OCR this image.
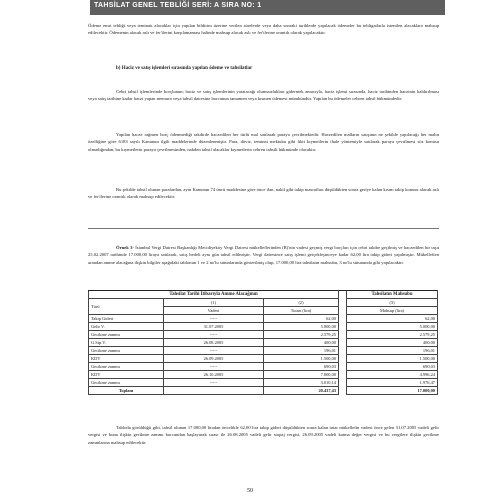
TAHSİLAT GENEL TEBLİĞİ SERİ: A SIRA NO: 1

Ödeme emri tebliği veya teminatı alacaklar için yapılan bildirim üzerine verilen sürelerde veya daha sonraki tarihlerde yapılacak ödemeler bu tebligatlarla istenilen alacaklara mahsup edilecektir. Ödemenin alacak aslı ve fer'ilerini karşılamaması halinde mahsup alacak aslı ve fer'ilerine orantılı olarak yapılacaktır.

b) Haciz ve satış işlemleri sırasında yapılan ödeme ve tahsilatlar

Cebri tahsil işlemlerinde borçlunun; haciz ve satış işlemlerinin yaratacağı olumsuzlukları gidermek amacıyla, haciz işlemi sırasında, haciz tarihinden haczinin kaldırılması veya satış tarihine kadar haczi yapan memura veya tahsil dairesine borcunun tamamen veya kısmen ödemesi mümkündür. Yapılan bu ödemeler cebren tahsil hükmündedir.

Yapılan hacze rağmen borç ödenmediği takdirde haczedilen her türlü mal satılarak paraya çevrilmektedir. Haczedilen malların satışının ne şekilde yapılacağı her malın özelliğine göre 6183 sayılı Kanunun ilgili maddelerinde düzenlenmiştir. Para, döviz, teminat mektubu gibi likit kıymetlerin ihale yöntemiyle satılarak paraya çevrilmesi söz konusu olmadığından, bu kıymetlerin paraya çevrilmesinden, nakden tahsil alacaklar kıymetlerin cebren tahsili hükmünde olacaktır.

Bu şekilde tahsil olunan paralardan, aynı Kanunun 74 üncü maddesine göre önce ilan, nakil gibi takip masrafları düşüldükten sonra geriye kalan kısım takip konusu alacak aslı ve fer'ilerine orantılı olarak mahsup edilecektir.

Örnek 3- İstanbul Vergi Dairesi Başkanlığı Mecidiyeköy Vergi Dairesi mükelleflerinden (B)'nin vadesi geçmiş vergi borçları için cebri takibe geçilmiş ve haczedilen bir taşıt 25.02.2007 tarihinde 17.000,00 liraya satılarak, satış bedeli aynı gün tahsil edilmiştir. Vergi dairesince satış işlemi gerçekleşinceye kadar 62,00 lira takip gideri yapılmıştır. Mükelleften arandan amme alacağına ilişkin bilgiler aşağıdaki tablonun 1 ve 2 no'lu sütunlarında gösterilmiş olup, 17.000,00 lira tahsilatın mahsubu, 3 no'lu sütununda gibi yapılacaktır.

Tahsilat Tarihi İtibarıyla Amme Alacağının				Tahsilatın Mahsubu
Türü	(1)	(2)		(3)
	Vadesi	Tutarı (lira)		Mahsup (lira)
Takip Gideri	-----	62,00		62,00
Gelir V.	31.07.2005	5.000,00		5.000,00
Gecikme zammı	-----	2.579,25		2.579,25
G.Stp.V.	26.08.2005	400,00		400,00
Gecikme zammı	-----	196,01		196,01
KDV	26.09.2005	1.500,00		1.500,00
Gecikme zammı	-----	690,03		690,03
KDV	26.10.2005	7.000,00		4.996,24
Gecikme zammı	-----	3.010,14		1.976,47
Toplam		20.437,43		17.000,00

Tabloda görüldüğü gibi, tahsil olunan 17.000,00 liradan öncelikle 62,00 lira takip gideri düşüldükten sonra kalan tutar mükellefin vadesi önce gelen 31.07.2005 vadeli gelir vergisi ve buna ilişkin gecikme zammı borcundan başlayarak sırası ile 26.08.2005 vadeli gelir stopaj vergisi, 26.09.2005 vadeli katma değer vergisi ve bu vergilere ilişkin gecikme zammlarına mahsup edilecektir.

50
